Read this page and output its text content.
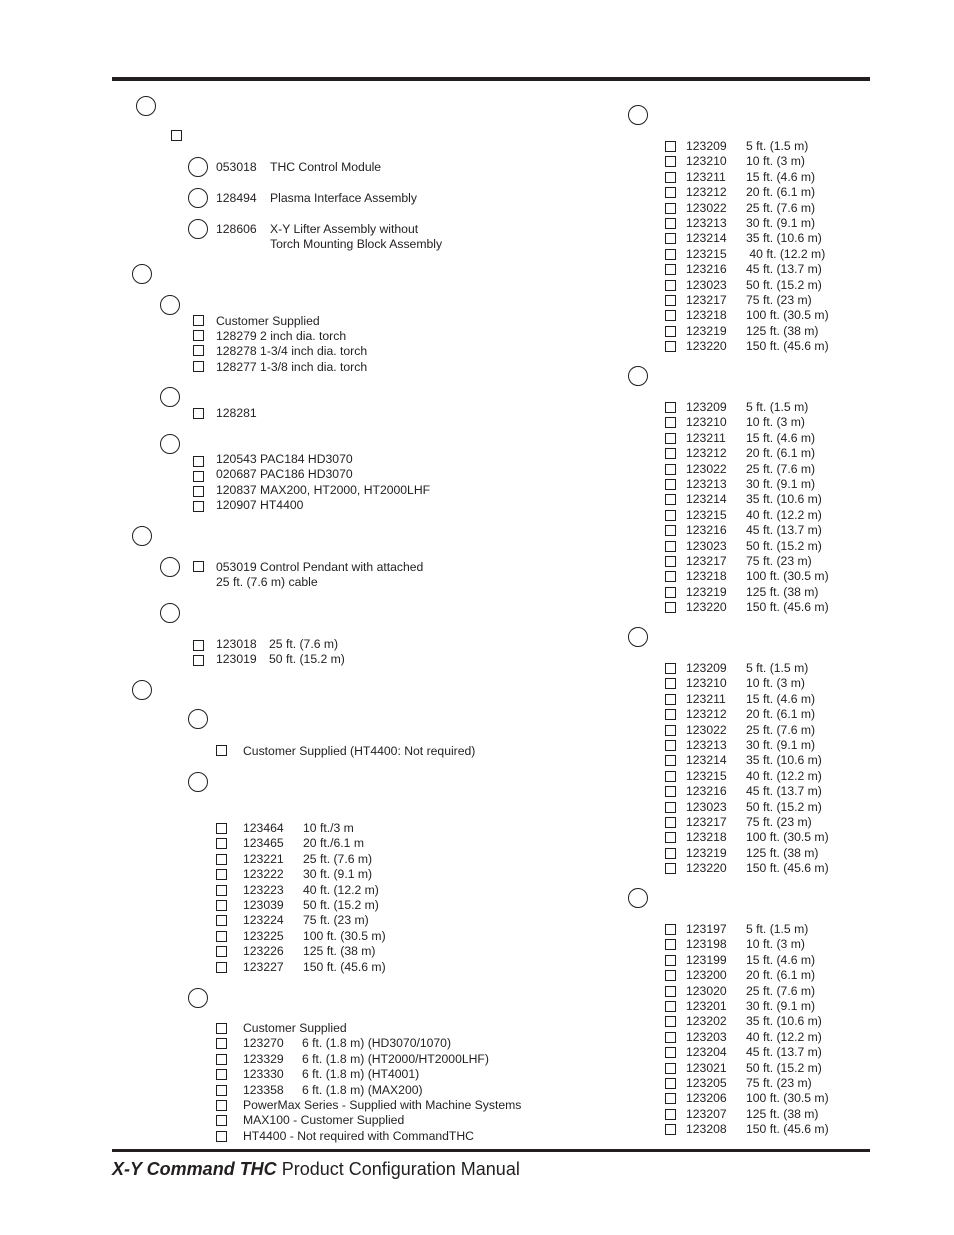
053018 THC Control Module
128494 Plasma Interface Assembly
128606 X-Y Lifter Assembly without
Torch Mounting Block Assembly
Customer Supplied
128279 2 inch dia. torch
128278 1-3/4 inch dia. torch
128277 1-3/8 inch dia. torch
128281
120543 PAC184 HD3070
020687 PAC186 HD3070
120837 MAX200, HT2000, HT2000LHF
120907 HT4400
053019 Control Pendant with attached
25 ft. (7.6 m) cable
123018 25 ft. (7.6 m)
123019 50 ft. (15.2 m)
Customer Supplied (HT4400: Not required)
123464 10 ft./3 m
123465 20 ft./6.1 m
123221 25 ft. (7.6 m)
123222 30 ft. (9.1 m)
123223 40 ft. (12.2 m)
123039 50 ft. (15.2 m)
123224 75 ft. (23 m)
123225 100 ft. (30.5 m)
123226 125 ft. (38 m)
123227 150 ft. (45.6 m)
Customer Supplied
123270 6 ft. (1.8 m) (HD3070/1070)
123329 6 ft. (1.8 m) (HT2000/HT2000LHF)
123330 6 ft. (1.8 m) (HT4001)
123358 6 ft. (1.8 m) (MAX200)
PowerMax Series - Supplied with Machine Systems
MAX100 - Customer Supplied
HT4400 - Not required with CommandTHC
123209 5 ft. (1.5 m)
123210 10 ft. (3 m)
123211 15 ft. (4.6 m)
123212 20 ft. (6.1 m)
123022 25 ft. (7.6 m)
123213 30 ft. (9.1 m)
123214 35 ft. (10.6 m)
123215 40 ft. (12.2 m)
123216 45 ft. (13.7 m)
123023 50 ft. (15.2 m)
123217 75 ft. (23 m)
123218 100 ft. (30.5 m)
123219 125 ft. (38 m)
123220 150 ft. (45.6 m)
123209 5 ft. (1.5 m)
123210 10 ft. (3 m)
123211 15 ft. (4.6 m)
123212 20 ft. (6.1 m)
123022 25 ft. (7.6 m)
123213 30 ft. (9.1 m)
123214 35 ft. (10.6 m)
123215 40 ft. (12.2 m)
123216 45 ft. (13.7 m)
123023 50 ft. (15.2 m)
123217 75 ft. (23 m)
123218 100 ft. (30.5 m)
123219 125 ft. (38 m)
123220 150 ft. (45.6 m)
123209 5 ft. (1.5 m)
123210 10 ft. (3 m)
123211 15 ft. (4.6 m)
123212 20 ft. (6.1 m)
123022 25 ft. (7.6 m)
123213 30 ft. (9.1 m)
123214 35 ft. (10.6 m)
123215 40 ft. (12.2 m)
123216 45 ft. (13.7 m)
123023 50 ft. (15.2 m)
123217 75 ft. (23 m)
123218 100 ft. (30.5 m)
123219 125 ft. (38 m)
123220 150 ft. (45.6 m)
123197 5 ft. (1.5 m)
123198 10 ft. (3 m)
123199 15 ft. (4.6 m)
123200 20 ft. (6.1 m)
123020 25 ft. (7.6 m)
123201 30 ft. (9.1 m)
123202 35 ft. (10.6 m)
123203 40 ft. (12.2 m)
123204 45 ft. (13.7 m)
123021 50 ft. (15.2 m)
123205 75 ft. (23 m)
123206 100 ft. (30.5 m)
123207 125 ft. (38 m)
123208 150 ft. (45.6 m)
X-Y Command THC Product Configuration Manual
